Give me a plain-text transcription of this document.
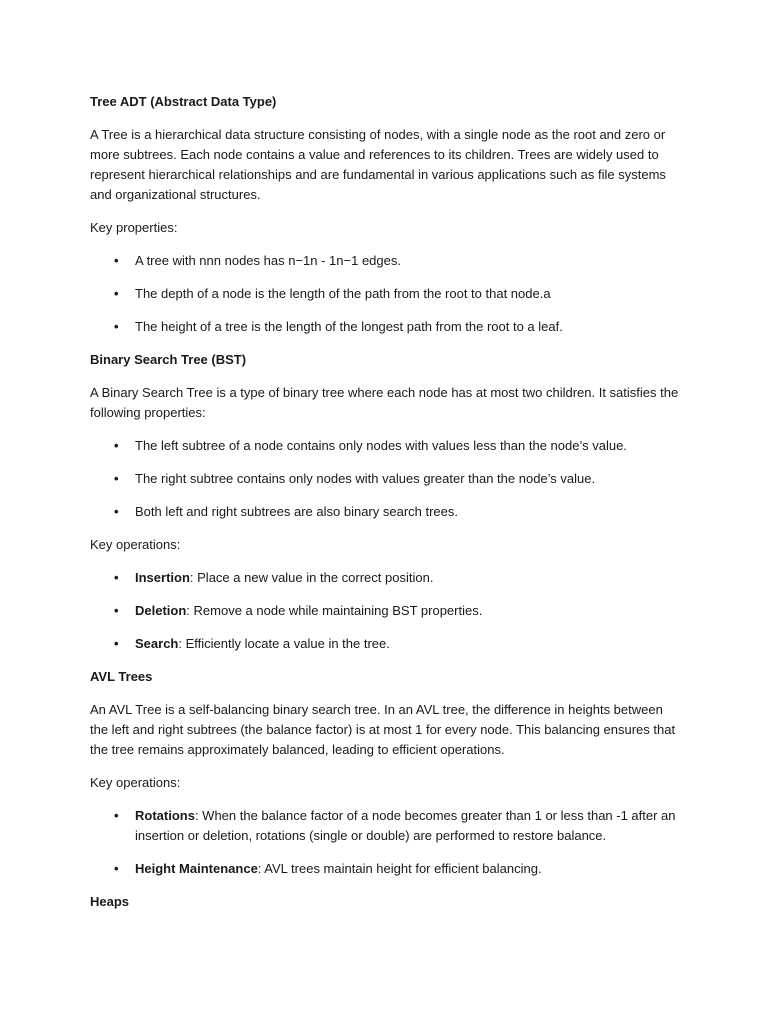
Tree ADT (Abstract Data Type)

A Tree is a hierarchical data structure consisting of nodes, with a single node as the root and zero or more subtrees. Each node contains a value and references to its children. Trees are widely used to represent hierarchical relationships and are fundamental in various applications such as file systems and organizational structures.

Key properties:

• A tree with nnn nodes has n−1n - 1n−1 edges.
• The depth of a node is the length of the path from the root to that node.a
• The height of a tree is the length of the longest path from the root to a leaf.

Binary Search Tree (BST)

A Binary Search Tree is a type of binary tree where each node has at most two children. It satisfies the following properties:

• The left subtree of a node contains only nodes with values less than the node’s value.
• The right subtree contains only nodes with values greater than the node’s value.
• Both left and right subtrees are also binary search trees.

Key operations:

• Insertion: Place a new value in the correct position.
• Deletion: Remove a node while maintaining BST properties.
• Search: Efficiently locate a value in the tree.

AVL Trees

An AVL Tree is a self-balancing binary search tree. In an AVL tree, the difference in heights between the left and right subtrees (the balance factor) is at most 1 for every node. This balancing ensures that the tree remains approximately balanced, leading to efficient operations.

Key operations:

• Rotations: When the balance factor of a node becomes greater than 1 or less than -1 after an insertion or deletion, rotations (single or double) are performed to restore balance.
• Height Maintenance: AVL trees maintain height for efficient balancing.

Heaps
